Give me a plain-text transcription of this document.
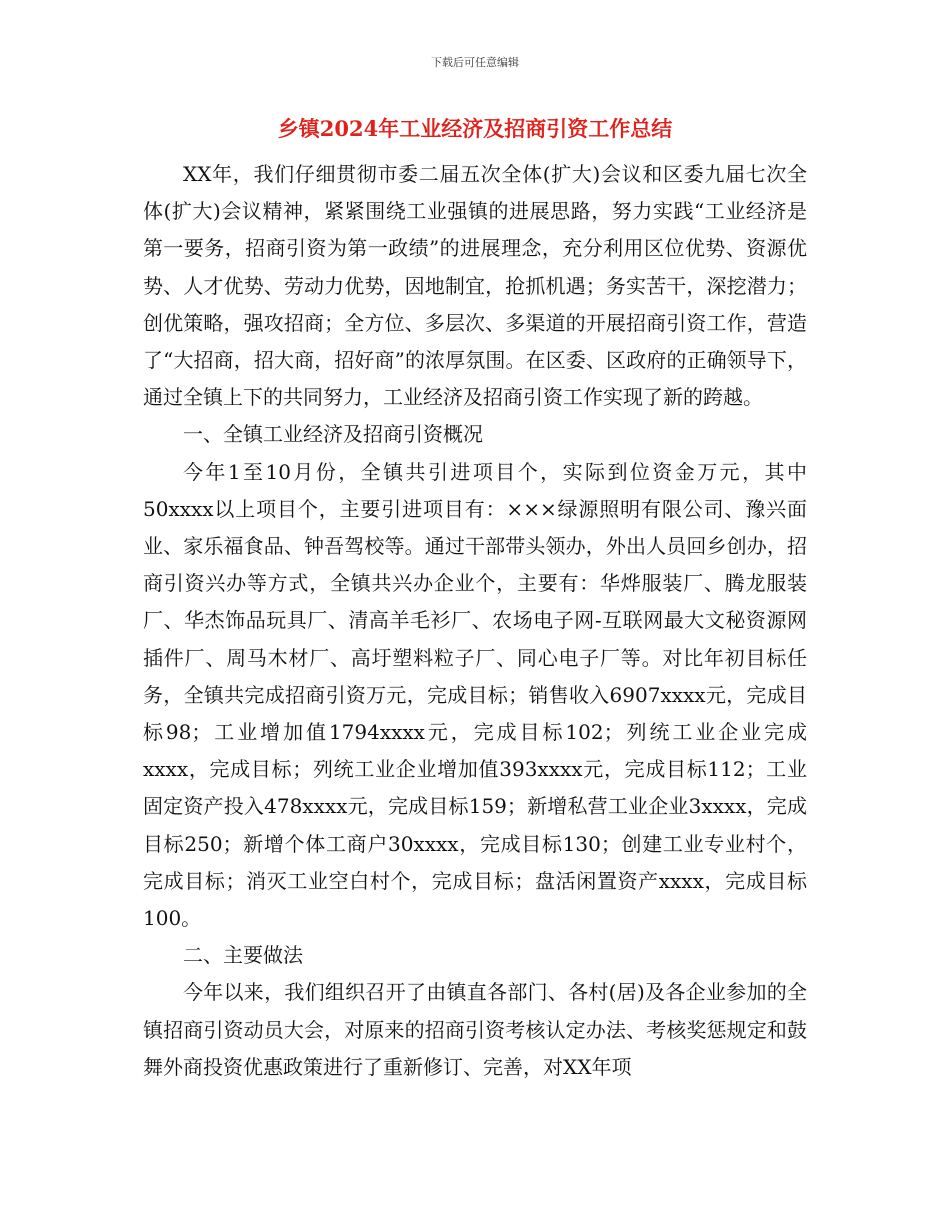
下载后可任意编辑
乡镇2024年工业经济及招商引资工作总结

XX年，我们仔细贯彻市委二届五次全体(扩大)会议和区委九届七次全体(扩大)会议精神，紧紧围绕工业强镇的进展思路，努力实践“工业经济是第一要务，招商引资为第一政绩”的进展理念，充分利用区位优势、资源优势、人才优势、劳动力优势，因地制宜，抢抓机遇；务实苦干，深挖潜力；创优策略，强攻招商；全方位、多层次、多渠道的开展招商引资工作，营造了“大招商，招大商，招好商”的浓厚氛围。在区委、区政府的正确领导下，通过全镇上下的共同努力，工业经济及招商引资工作实现了新的跨越。

一、全镇工业经济及招商引资概况

今年1至10月份，全镇共引进项目个，实际到位资金万元，其中50xxxx以上项目个，主要引进项目有：×××绿源照明有限公司、豫兴面业、家乐福食品、钟吾驾校等。通过干部带头领办，外出人员回乡创办，招商引资兴办等方式，全镇共兴办企业个，主要有：华烨服装厂、腾龙服装厂、华杰饰品玩具厂、清高羊毛衫厂、农场电子网-互联网最大文秘资源网插件厂、周马木材厂、高圩塑料粒子厂、同心电子厂等。对比年初目标任务，全镇共完成招商引资万元，完成目标；销售收入6907xxxx元，完成目标98；工业增加值1794xxxx元，完成目标102；列统工业企业完成xxxx，完成目标；列统工业企业增加值393xxxx元，完成目标112；工业固定资产投入478xxxx元，完成目标159；新增私营工业企业3xxxx，完成目标250；新增个体工商户30xxxx，完成目标130；创建工业专业村个，完成目标；消灭工业空白村个，完成目标；盘活闲置资产xxxx，完成目标100。

二、主要做法

今年以来，我们组织召开了由镇直各部门、各村(居)及各企业参加的全镇招商引资动员大会，对原来的招商引资考核认定办法、考核奖惩规定和鼓舞外商投资优惠政策进行了重新修订、完善，对XX年项
